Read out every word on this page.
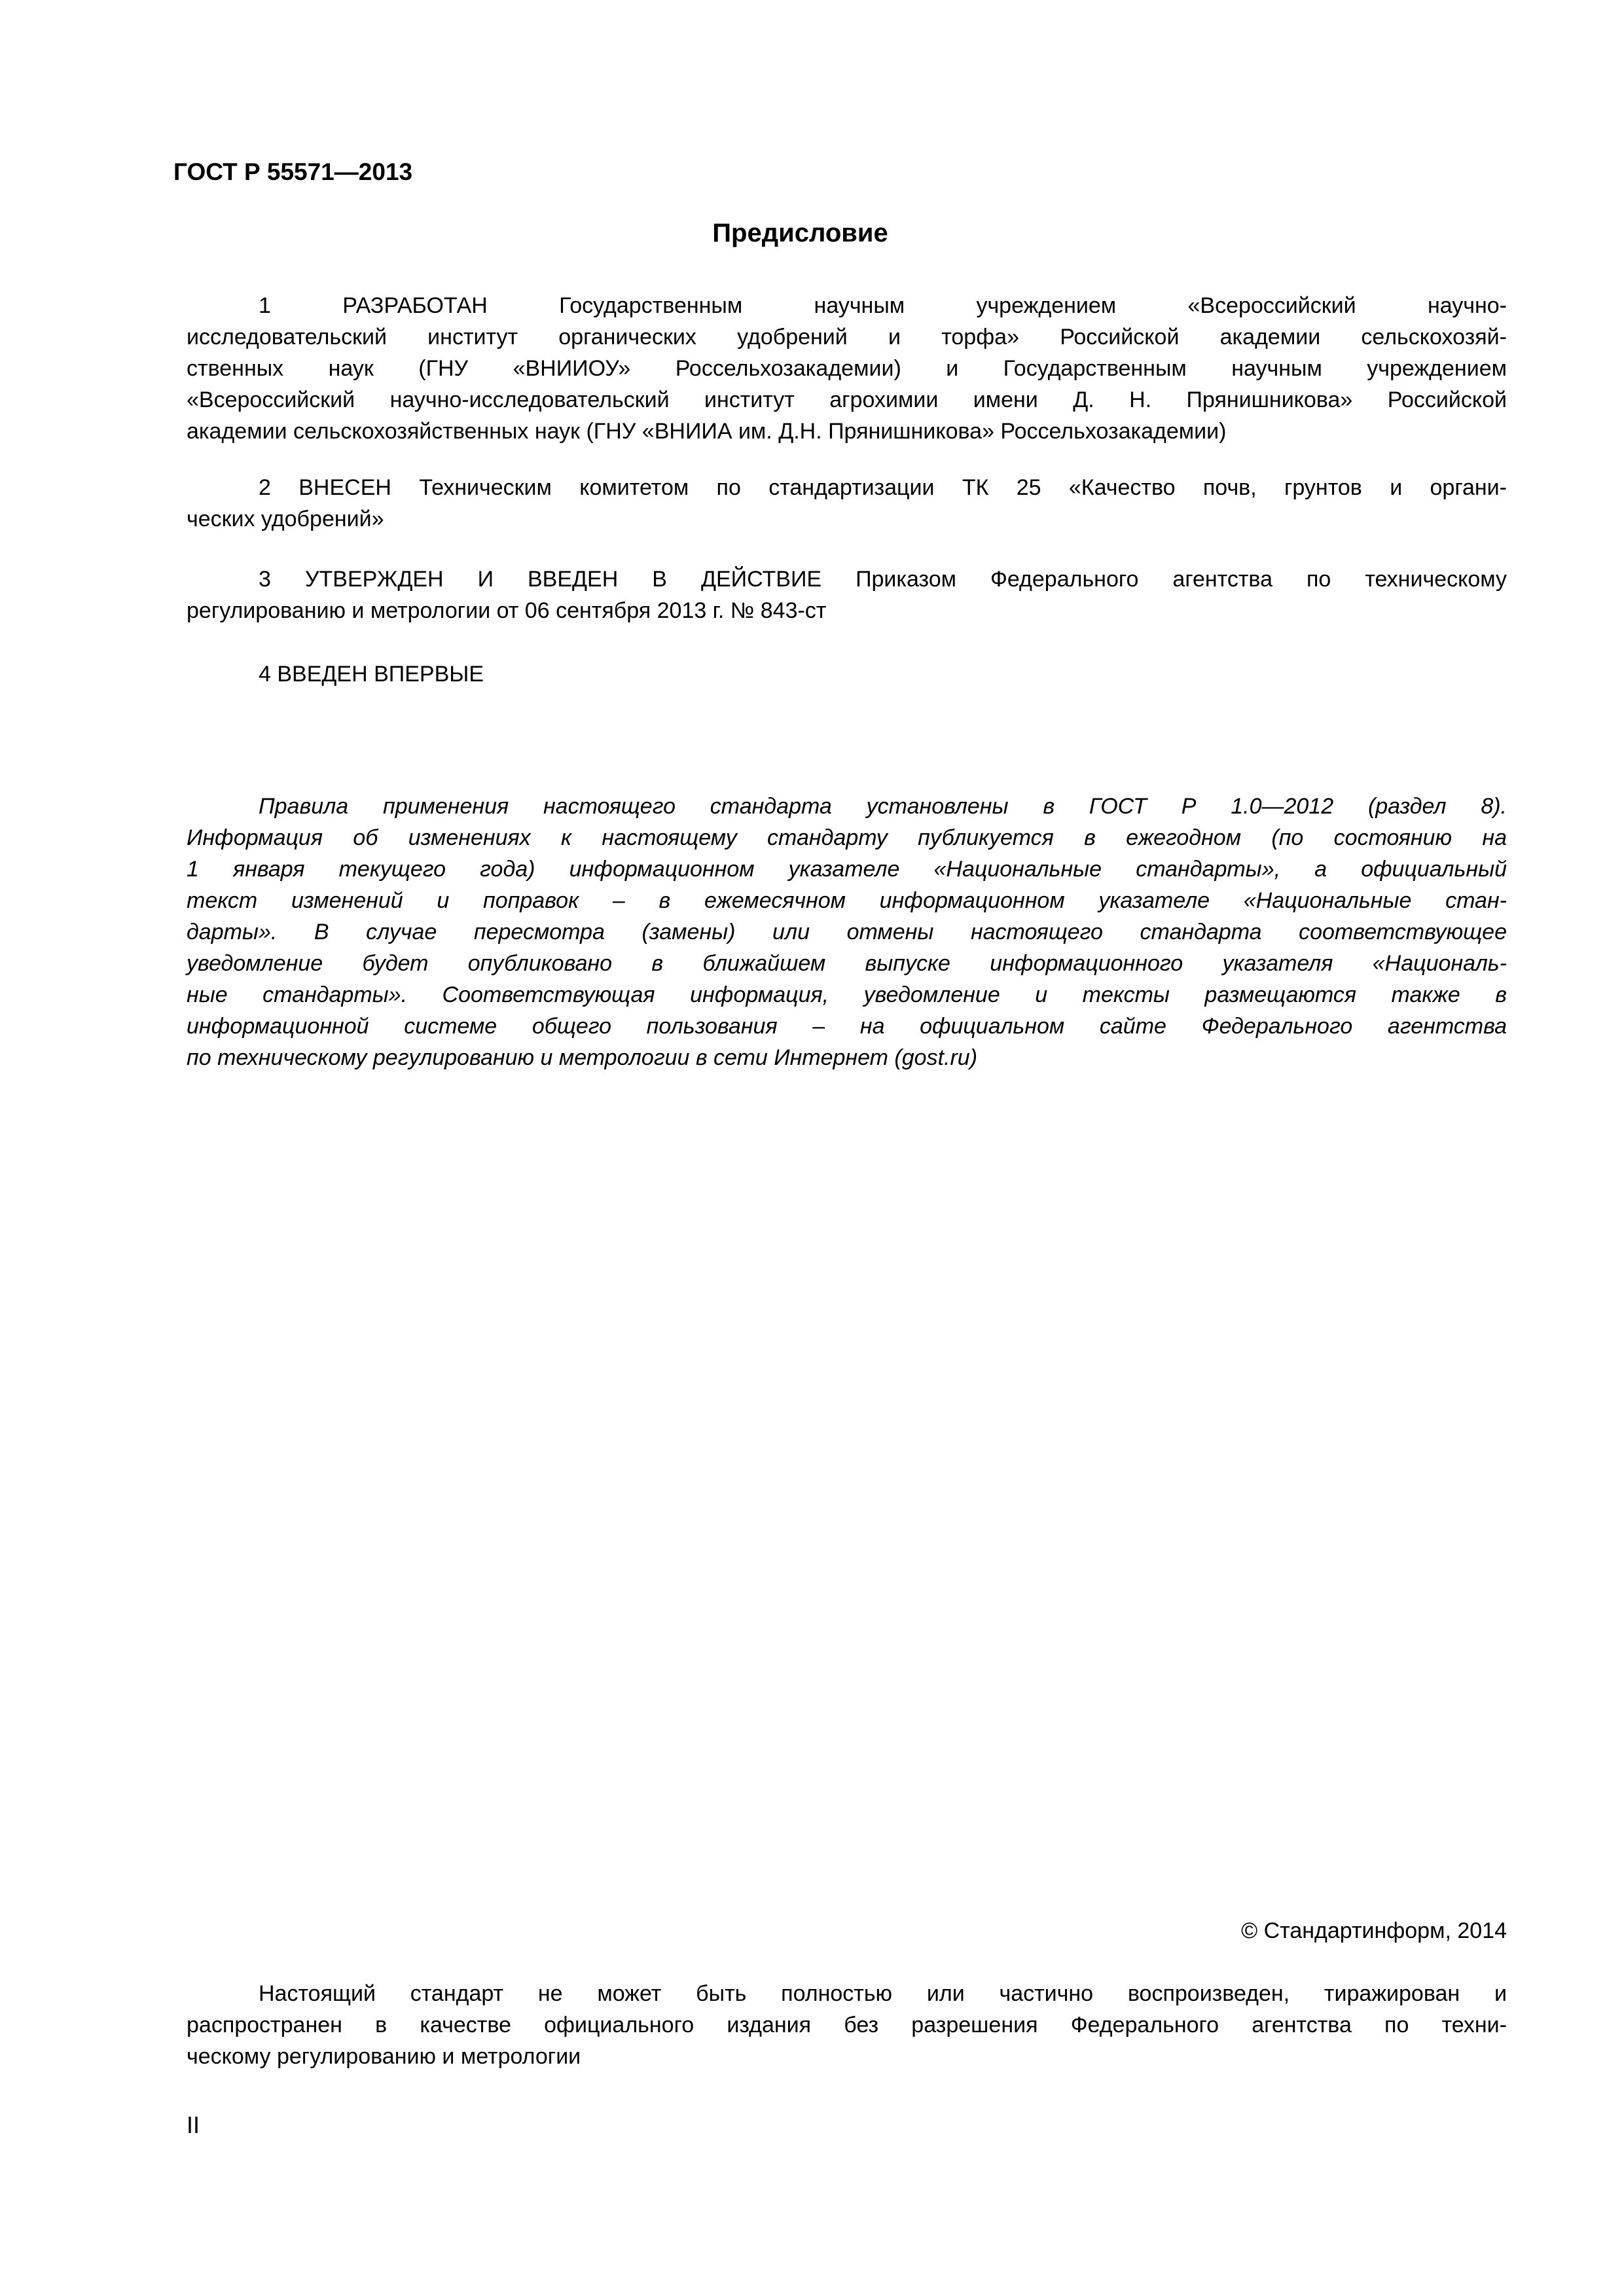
ГОСТ Р 55571—2013
Предисловие
1 РАЗРАБОТАН Государственным научным учреждением «Всероссийский научно-
исследовательский институт органических удобрений и торфа» Российской академии сельскохозяй-
ственных наук (ГНУ «ВНИИОУ» Россельхозакадемии) и Государственным научным учреждением
«Всероссийский научно-исследовательский институт агрохимии имени Д. Н. Прянишникова» Российской
академии сельскохозяйственных наук (ГНУ «ВНИИА им. Д.Н. Прянишникова» Россельхозакадемии)
2 ВНЕСЕН Техническим комитетом по стандартизации ТК 25 «Качество почв, грунтов и органи-
ческих удобрений»
3 УТВЕРЖДЕН И ВВЕДЕН В ДЕЙСТВИЕ Приказом Федерального агентства по техническому
регулированию и метрологии от 06 сентября 2013 г. № 843-ст
4 ВВЕДЕН ВПЕРВЫЕ
Правила применения настоящего стандарта установлены в ГОСТ Р 1.0—2012 (раздел 8).
Информация об изменениях к настоящему стандарту публикуется в ежегодном (по состоянию на
1 января текущего года) информационном указателе «Национальные стандарты», а официальный
текст изменений и поправок – в ежемесячном информационном указателе «Национальные стан-
дарты». В случае пересмотра (замены) или отмены настоящего стандарта соответствующее
уведомление будет опубликовано в ближайшем выпуске информационного указателя «Националь-
ные стандарты». Соответствующая информация, уведомление и тексты размещаются также в
информационной системе общего пользования – на официальном сайте Федерального агентства
по техническому регулированию и метрологии в сети Интернет (gost.ru)
© Стандартинформ, 2014
Настоящий стандарт не может быть полностью или частично воспроизведен, тиражирован и
распространен в качестве официального издания без разрешения Федерального агентства по техни-
ческому регулированию и метрологии
II
